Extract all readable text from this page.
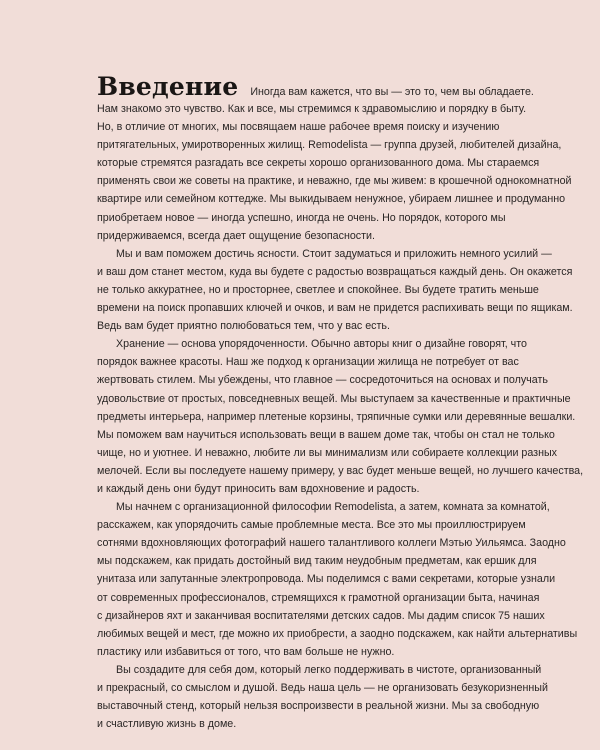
Введение Иногда вам кажется, что вы — это то, чем вы обладаете.
Нам знакомо это чувство. Как и все, мы стремимся к здравомыслию и порядку в быту.
Но, в отличие от многих, мы посвящаем наше рабочее время поиску и изучению
притягательных, умиротворенных жилищ. Remodelista — группа друзей, любителей дизайна,
которые стремятся разгадать все секреты хорошо организованного дома. Мы стараемся
применять свои же советы на практике, и неважно, где мы живем: в крошечной однокомнатной
квартире или семейном коттедже. Мы выкидываем ненужное, убираем лишнее и продуманно
приобретаем новое — иногда успешно, иногда не очень. Но порядок, которого мы
придерживаемся, всегда дает ощущение безопасности.
Мы и вам поможем достичь ясности. Стоит задуматься и приложить немного усилий —
и ваш дом станет местом, куда вы будете с радостью возвращаться каждый день. Он окажется
не только аккуратнее, но и просторнее, светлее и спокойнее. Вы будете тратить меньше
времени на поиск пропавших ключей и очков, и вам не придется распихивать вещи по ящикам.
Ведь вам будет приятно полюбоваться тем, что у вас есть.
Хранение — основа упорядоченности. Обычно авторы книг о дизайне говорят, что
порядок важнее красоты. Наш же подход к организации жилища не потребует от вас
жертвовать стилем. Мы убеждены, что главное — сосредоточиться на основах и получать
удовольствие от простых, повседневных вещей. Мы выступаем за качественные и практичные
предметы интерьера, например плетеные корзины, тряпичные сумки или деревянные вешалки.
Мы поможем вам научиться использовать вещи в вашем доме так, чтобы он стал не только
чище, но и уютнее. И неважно, любите ли вы минимализм или собираете коллекции разных
мелочей. Если вы последуете нашему примеру, у вас будет меньше вещей, но лучшего качества,
и каждый день они будут приносить вам вдохновение и радость.
Мы начнем с организационной философии Remodelista, а затем, комната за комнатой,
расскажем, как упорядочить самые проблемные места. Все это мы проиллюстрируем
сотнями вдохновляющих фотографий нашего талантливого коллеги Мэтью Уильямса. Заодно
мы подскажем, как придать достойный вид таким неудобным предметам, как ершик для
унитаза или запутанные электропровода. Мы поделимся с вами секретами, которые узнали
от современных профессионалов, стремящихся к грамотной организации быта, начиная
с дизайнеров яхт и заканчивая воспитателями детских садов. Мы дадим список 75 наших
любимых вещей и мест, где можно их приобрести, а заодно подскажем, как найти альтернативы
пластику или избавиться от того, что вам больше не нужно.
Вы создадите для себя дом, который легко поддерживать в чистоте, организованный
и прекрасный, со смыслом и душой. Ведь наша цель — не организовать безукоризненный
выставочный стенд, который нельзя воспроизвести в реальной жизни. Мы за свободную
и счастливую жизнь в доме.
